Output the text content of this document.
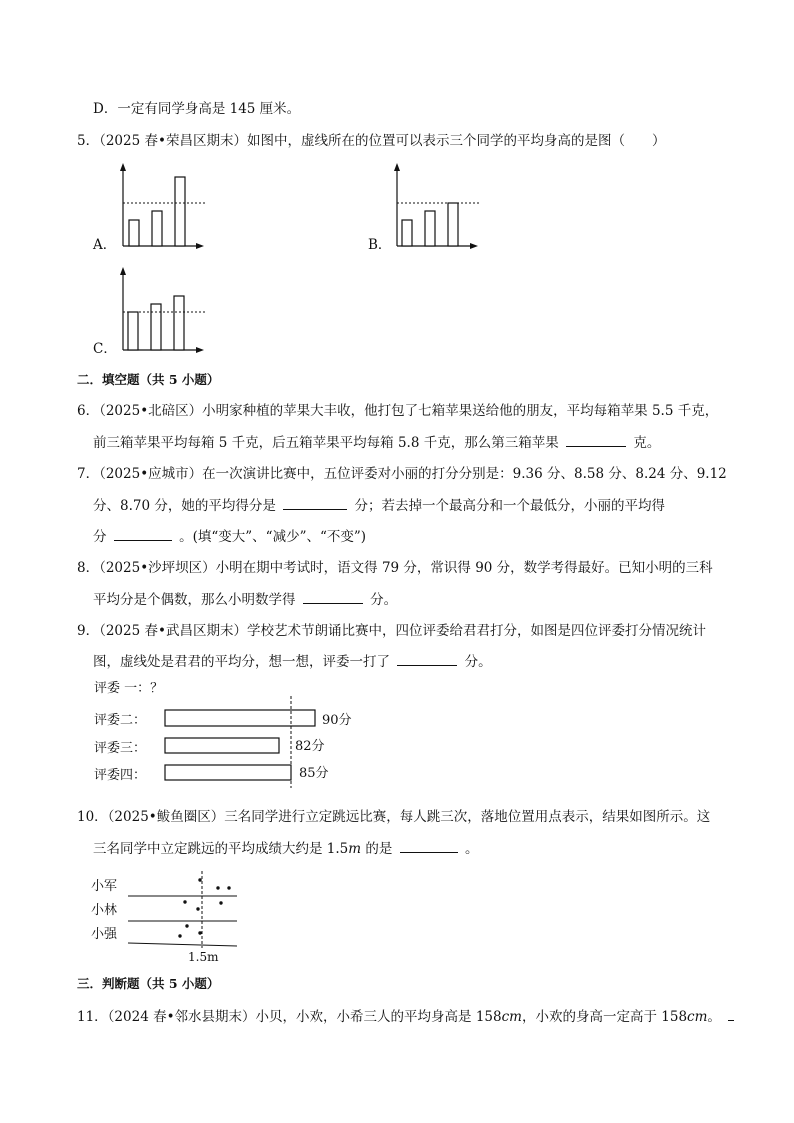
D．一定有同学身高是 145 厘米。
5．（2025 春•荣昌区期末）如图中，虚线所在的位置可以表示三个同学的平均身高的是图（　　）
A．	B．
C．
二．填空题（共 5 小题）
6．（2025•北碚区）小明家种植的苹果大丰收，他打包了七箱苹果送给他的朋友，平均每箱苹果 5.5 千克，
前三箱苹果平均每箱 5 千克，后五箱苹果平均每箱 5.8 千克，那么第三箱苹果	克。
7．（2025•应城市）在一次演讲比赛中，五位评委对小丽的打分分别是：9.36 分、8.58 分、8.24 分、9.12
分、8.70 分，她的平均得分是	分；若去掉一个最高分和一个最低分，小丽的平均得
分	。(填“变大”、“减少”、“不变”)
8．（2025•沙坪坝区）小明在期中考试时，语文得 79 分，常识得 90 分，数学考得最好。已知小明的三科
平均分是个偶数，那么小明数学得	分。
9．（2025 春•武昌区期末）学校艺术节朗诵比赛中，四位评委给君君打分，如图是四位评委打分情况统计
图，虚线处是君君的平均分，想一想，评委一打了	分。
评委 一：？
评委二：	90分
评委三：	82分
评委四：	85分
10．（2025•鲅鱼圈区）三名同学进行立定跳远比赛，每人跳三次，落地位置用点表示，结果如图所示。这
三名同学中立定跳远的平均成绩大约是 1.5m 的是	。
小军
小林
小强
1.5m
三．判断题（共 5 小题）
11．（2024 春•邻水县期末）小贝，小欢，小希三人的平均身高是 158cm，小欢的身高一定高于 158cm。
